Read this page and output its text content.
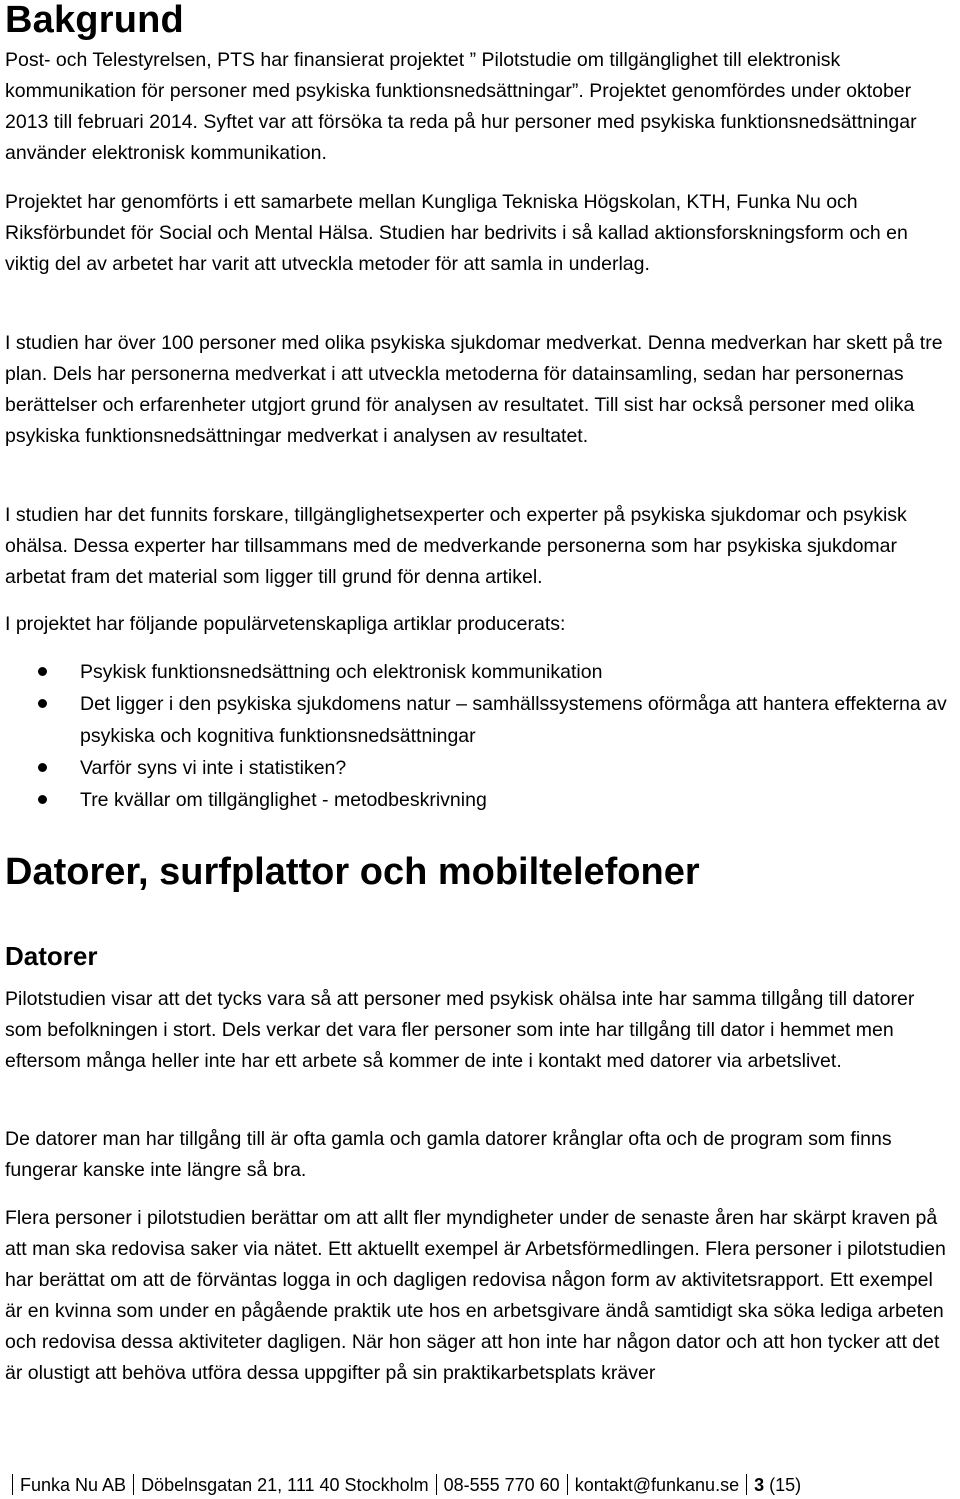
Bakgrund

Post- och Telestyrelsen, PTS har finansierat projektet ” Pilotstudie om tillgänglighet till elektronisk kommunikation för personer med psykiska funktionsnedsättningar”. Projektet genomfördes under oktober 2013 till februari 2014. Syftet var att försöka ta reda på hur personer med psykiska funktionsnedsättningar använder elektronisk kommunikation.

Projektet har genomförts i ett samarbete mellan Kungliga Tekniska Högskolan, KTH, Funka Nu och Riksförbundet för Social och Mental Hälsa. Studien har bedrivits i så kallad aktionsforskningsform och en viktig del av arbetet har varit att utveckla metoder för att samla in underlag.

I studien har över 100 personer med olika psykiska sjukdomar medverkat. Denna medverkan har skett på tre plan. Dels har personerna medverkat i att utveckla metoderna för datainsamling, sedan har personernas berättelser och erfarenheter utgjort grund för analysen av resultatet. Till sist har också personer med olika psykiska funktionsnedsättningar medverkat i analysen av resultatet.

I studien har det funnits forskare, tillgänglighetsexperter och experter på psykiska sjukdomar och psykisk ohälsa. Dessa experter har tillsammans med de medverkande personerna som har psykiska sjukdomar arbetat fram det material som ligger till grund för denna artikel.

I projektet har följande populärvetenskapliga artiklar producerats:

Psykisk funktionsnedsättning och elektronisk kommunikation
Det ligger i den psykiska sjukdomens natur – samhällssystemens oförmåga att hantera effekterna av psykiska och kognitiva funktionsnedsättningar
Varför syns vi inte i statistiken?
Tre kvällar om tillgänglighet - metodbeskrivning
Datorer, surfplattor och mobiltelefoner
Datorer

Pilotstudien visar att det tycks vara så att personer med psykisk ohälsa inte har samma tillgång till datorer som befolkningen i stort. Dels verkar det vara fler personer som inte har tillgång till dator i hemmet men eftersom många heller inte har ett arbete så kommer de inte i kontakt med datorer via arbetslivet.

De datorer man har tillgång till är ofta gamla och gamla datorer krånglar ofta och de program som finns fungerar kanske inte längre så bra.

Flera personer i pilotstudien berättar om att allt fler myndigheter under de senaste åren har skärpt kraven på att man ska redovisa saker via nätet. Ett aktuellt exempel är Arbetsförmedlingen. Flera personer i pilotstudien har berättat om att de förväntas logga in och dagligen redovisa någon form av aktivitetsrapport. Ett exempel är en kvinna som under en pågående praktik ute hos en arbetsgivare ändå samtidigt ska söka lediga arbeten och redovisa dessa aktiviteter dagligen. När hon säger att hon inte har någon dator och att hon tycker att det är olustigt att behöva utföra dessa uppgifter på sin praktikarbetsplats kräver

Funka Nu AB Döbelnsgatan 21, 111 40 Stockholm 08-555 770 60 kontakt@funkanu.se 3 (15)
